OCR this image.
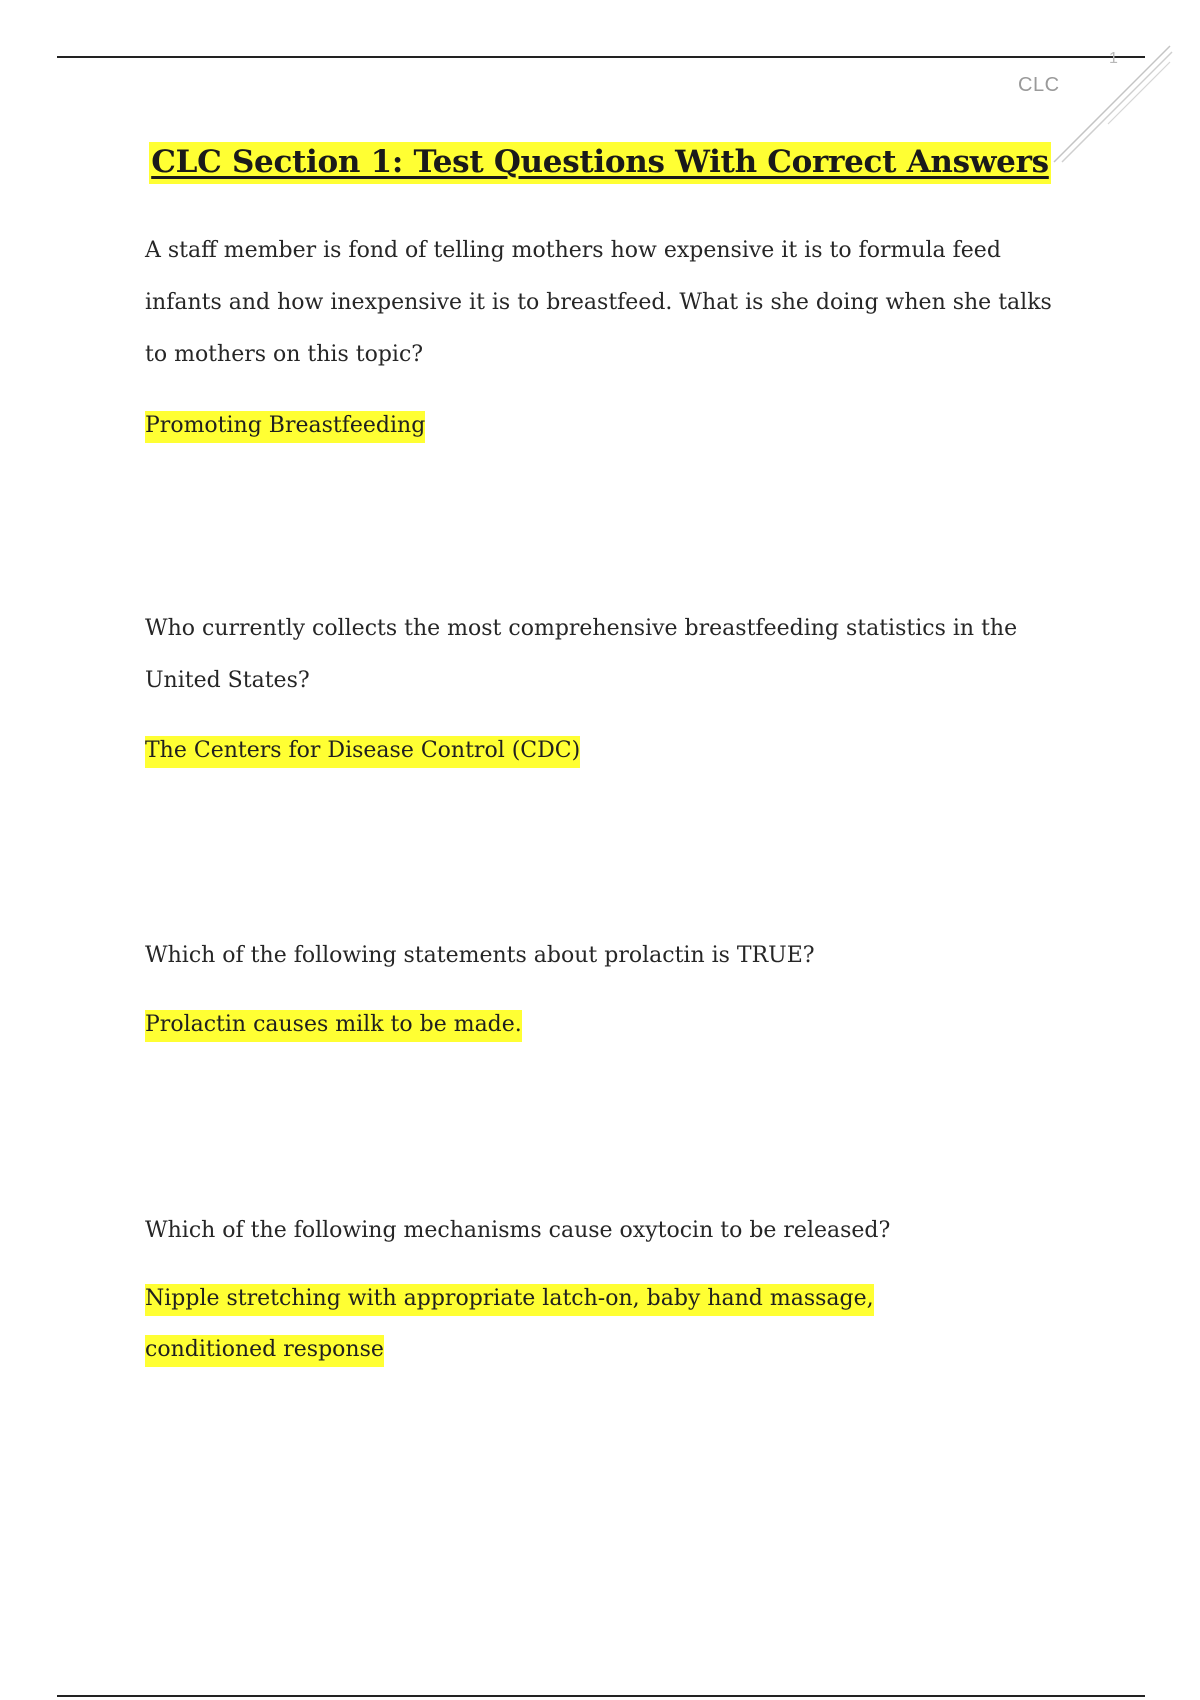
1
CLC
CLC Section 1: Test Questions With Correct Answers

A staff member is fond of telling mothers how expensive it is to formula feed infants and how inexpensive it is to breastfeed. What is she doing when she talks to mothers on this topic?

Promoting Breastfeeding

Who currently collects the most comprehensive breastfeeding statistics in the United States?

The Centers for Disease Control (CDC)

Which of the following statements about prolactin is TRUE?

Prolactin causes milk to be made.

Which of the following mechanisms cause oxytocin to be released?

Nipple stretching with appropriate latch-on, baby hand massage, conditioned response
